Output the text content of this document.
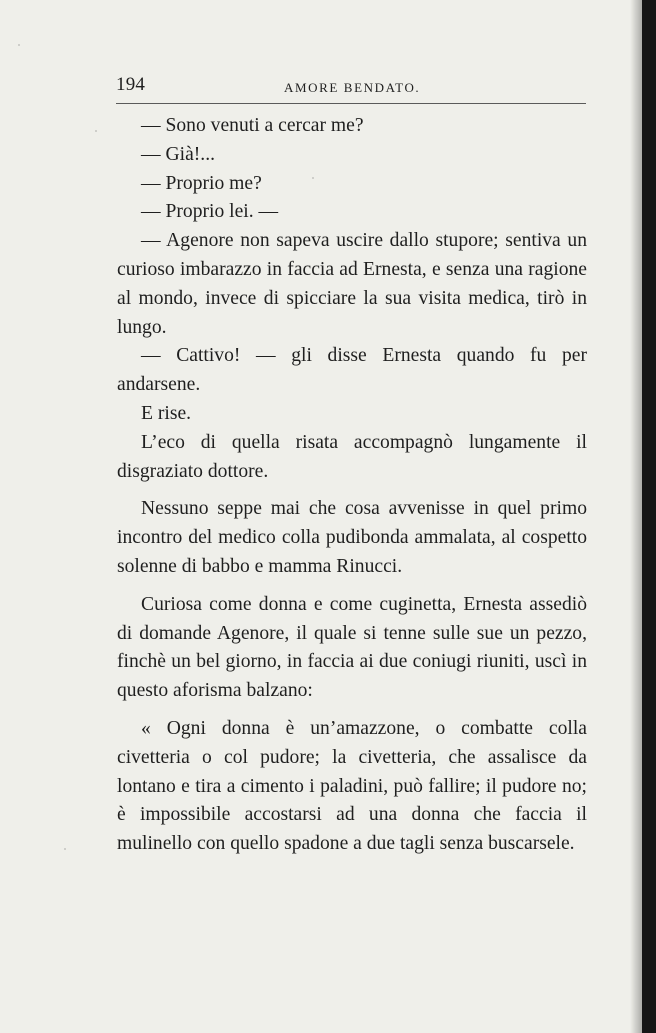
194	AMORE BENDATO.

— Sono venuti a cercar me?

— Già!...

— Proprio me?

— Proprio lei. —

— Agenore non sapeva uscire dallo stupore; sentiva un curioso imbarazzo in faccia ad Ernesta, e senza una ragione al mondo, invece di spicciare la sua visita medica, tirò in lungo.

— Cattivo! — gli disse Ernesta quando fu per andarsene.

E rise.

L’eco di quella risata accompagnò lungamente il disgraziato dottore.

Nessuno seppe mai che cosa avvenisse in quel primo incontro del medico colla pudibonda ammalata, al cospetto solenne di babbo e mamma Rinucci.

Curiosa come donna e come cuginetta, Ernesta assediò di domande Agenore, il quale si tenne sulle sue un pezzo, finchè un bel giorno, in faccia ai due coniugi riuniti, uscì in questo aforisma balzano:

« Ogni donna è un’amazzone, o combatte colla civetteria o col pudore; la civetteria, che assalisce da lontano e tira a cimento i paladini, può fallire; il pudore no; è impossibile accostarsi ad una donna che faccia il mulinello con quello spadone a due tagli senza buscarsele.
